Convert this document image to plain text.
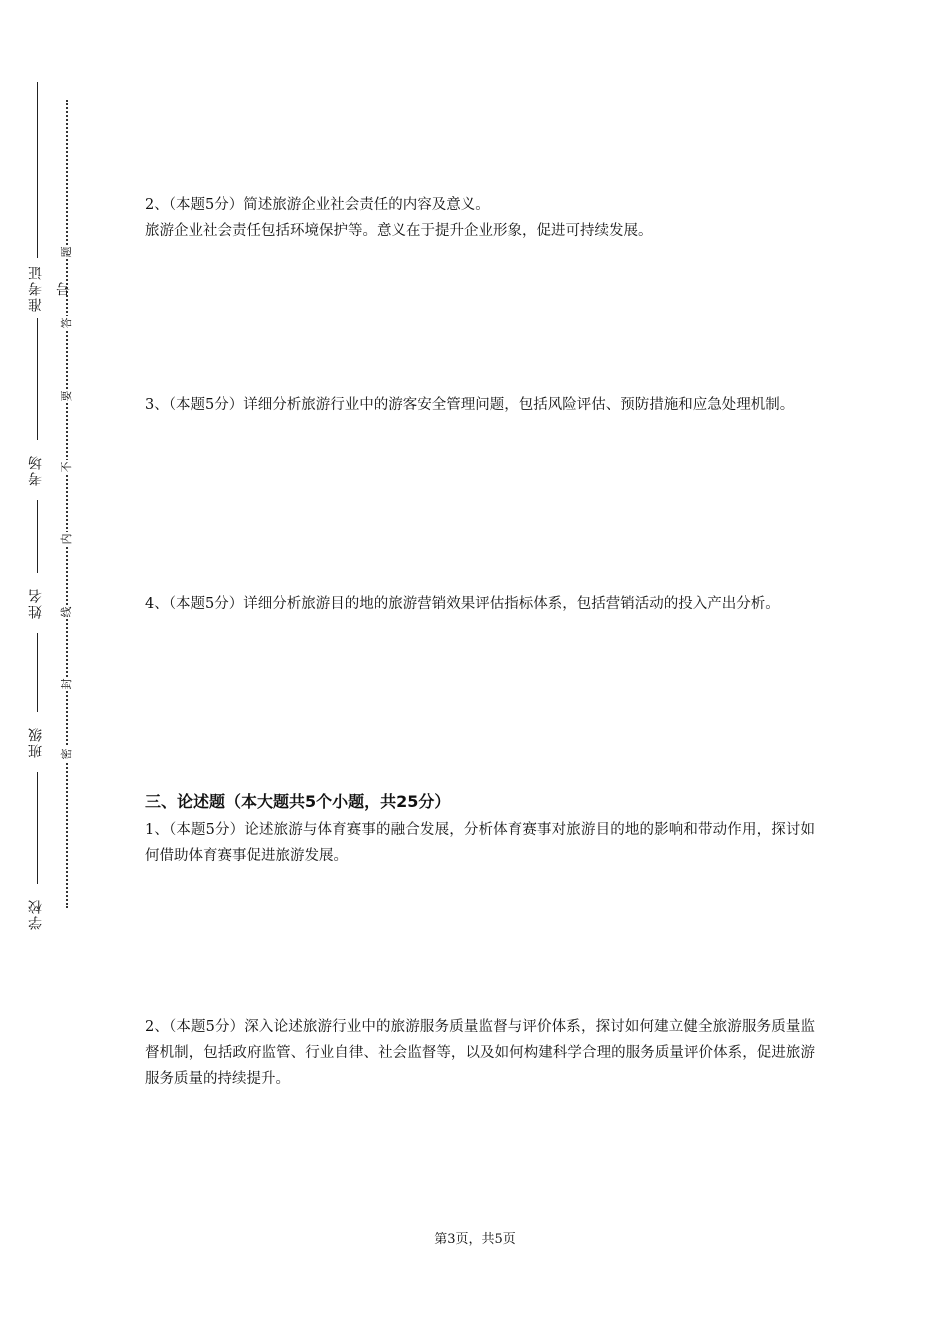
准考证号
考场
姓名
班级
学校
题
答
要
不
内
线
封
密
2、（本题5分）简述旅游企业社会责任的内容及意义。
旅游企业社会责任包括环境保护等。意义在于提升企业形象，促进可持续发展。
3、（本题5分）详细分析旅游行业中的游客安全管理问题，包括风险评估、预防措施和应急处理机制。
4、（本题5分）详细分析旅游目的地的旅游营销效果评估指标体系，包括营销活动的投入产出分析。
三、论述题（本大题共5个小题，共25分）
1、（本题5分）论述旅游与体育赛事的融合发展，分析体育赛事对旅游目的地的影响和带动作用，探讨如何借助体育赛事促进旅游发展。
2、（本题5分）深入论述旅游行业中的旅游服务质量监督与评价体系，探讨如何建立健全旅游服务质量监督机制，包括政府监管、行业自律、社会监督等，以及如何构建科学合理的服务质量评价体系，促进旅游服务质量的持续提升。
第3页，共5页
